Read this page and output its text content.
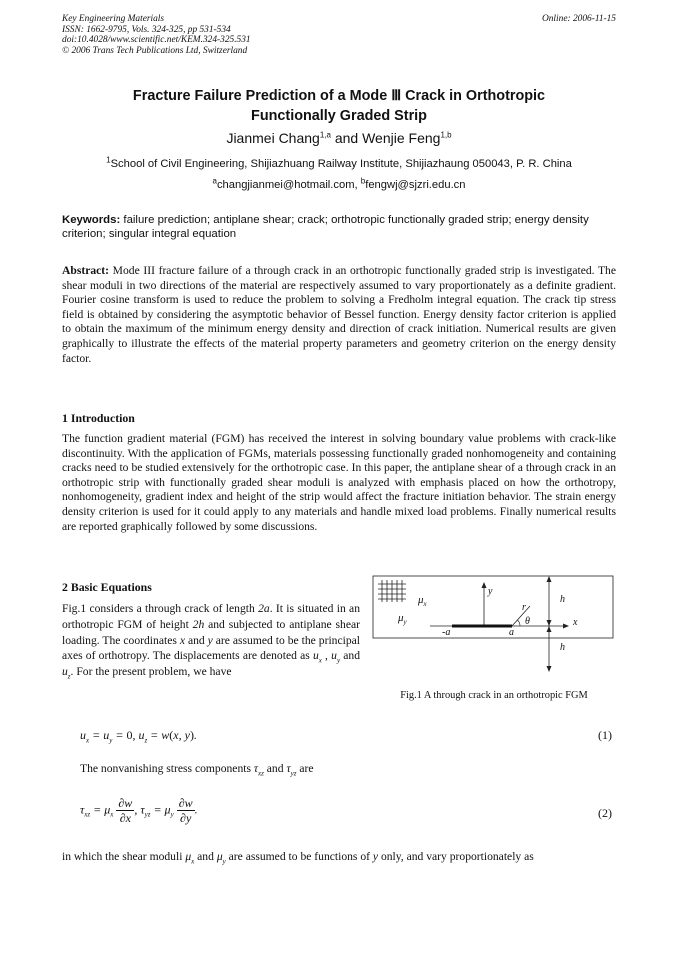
Key Engineering Materials
ISSN: 1662-9795, Vols. 324-325, pp 531-534
doi:10.4028/www.scientific.net/KEM.324-325.531
© 2006 Trans Tech Publications Ltd, Switzerland
Online: 2006-11-15
Fracture Failure Prediction of a Mode Ⅲ Crack in Orthotropic
Functionally Graded Strip
Jianmei Chang$^{1,a}$ and Wenjie Feng$^{1,b}$
$^1$School of Civil Engineering, Shijiazhuang Railway Institute, Shijiazhaung 050043, P. R. China
$^a$changjianmei@hotmail.com, $^b$fengwj@sjzri.edu.cn
Keywords: failure prediction; antiplane shear; crack; orthotropic functionally graded strip; energy density criterion; singular integral equation
Abstract: Mode III fracture failure of a through crack in an orthotropic functionally graded strip is investigated. The shear moduli in two directions of the material are respectively assumed to vary proportionately as a definite gradient. Fourier cosine transform is used to reduce the problem to solving a Fredholm integral equation. The crack tip stress field is obtained by considering the asymptotic behavior of Bessel function. Energy density factor criterion is applied to obtain the maximum of the minimum energy density and direction of crack initiation. Numerical results are given graphically to illustrate the effects of the material property parameters and geometry criterion on the energy density factor.
1 Introduction
The function gradient material (FGM) has received the interest in solving boundary value problems with crack-like discontinuity. With the application of FGMs, materials possessing functionally graded nonhomogeneity and containing cracks need to be studied extensively for the orthotropic case. In this paper, the antiplane shear of a through crack in an orthotropic strip with functionally graded shear moduli is analyzed with emphasis placed on how the orthotropy, nonhomogeneity, gradient index and height of the strip would affect the fracture initiation behavior. The strain energy density criterion is used for it could apply to any materials and handle mixed load problems. Finally numerical results are reported graphically followed by some discussions.
2 Basic Equations
Fig.1 considers a through crack of length 2a. It is situated in an orthotropic FGM of height 2h and subjected to antiplane shear loading. The coordinates x and y are assumed to be the principal axes of orthotropy. The displacements are denoted as $u_x$ , $u_y$ and $u_z$. For the present problem, we have
$\mu_x$
$\mu_y$
y
x
h
h
r
θ
-a	a
Fig.1 A through crack in an orthotropic FGM
$u_x = u_y = 0$, $u_z = w(x$, y).	(1)
The nonvanishing stress components $\tau_{xz}$ and $\tau_{yz}$ are
$\tau_{xz} = \mu_x \frac{\partial w}{\partial x}$ , $\tau_{yz} = \mu_y \frac{\partial w}{\partial y}$ .	(2)
in which the shear moduli $\mu_x$ and $\mu_y$ are assumed to be functions of y only, and vary proportionately as
